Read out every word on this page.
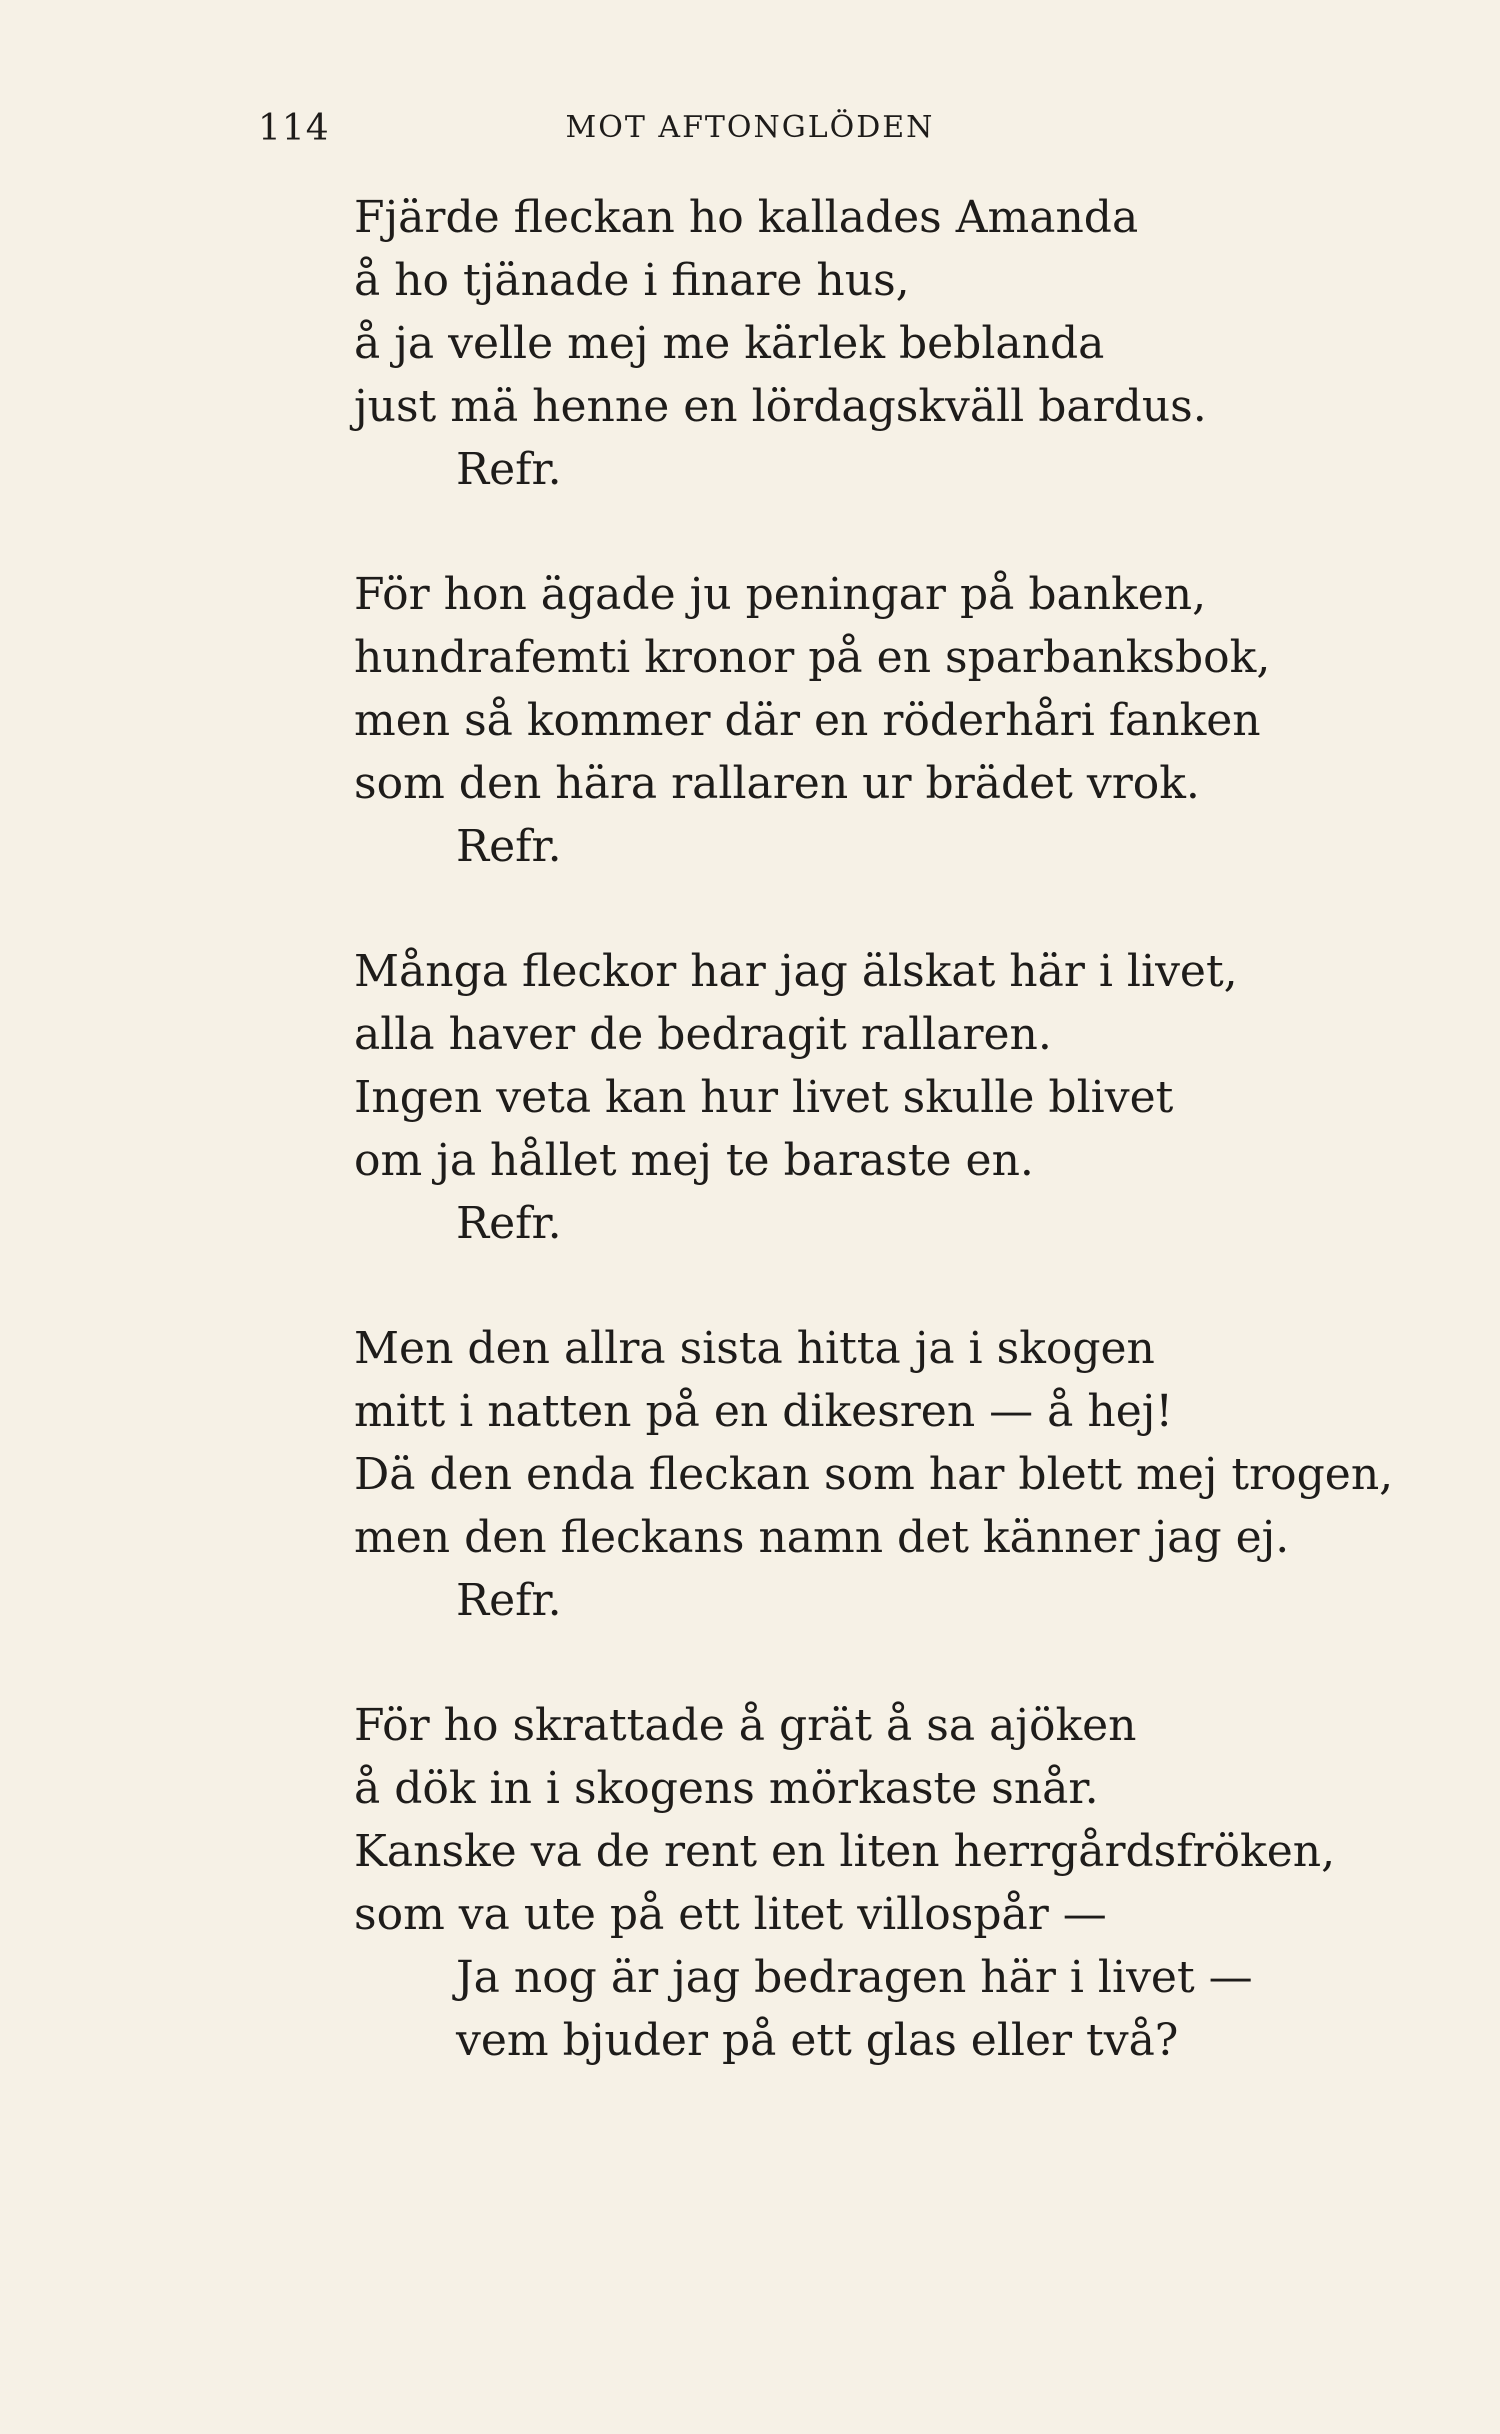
114	MOT AFTONGLÖDEN
Fjärde fleckan ho kallades Amanda
å ho tjänade i finare hus,
å ja velle mej me kärlek beblanda
just mä henne en lördagskväll bardus.
Refr.
För hon ägade ju peningar på banken,
hundrafemti kronor på en sparbanksbok,
men så kommer där en röderhåri fanken
som den hära rallaren ur brädet vrok.
Refr.
Många fleckor har jag älskat här i livet,
alla haver de bedragit rallaren.
Ingen veta kan hur livet skulle blivet
om ja hållet mej te baraste en.
Refr.
Men den allra sista hitta ja i skogen
mitt i natten på en dikesren — å hej!
Dä den enda fleckan som har blett mej trogen,
men den fleckans namn det känner jag ej.
Refr.
För ho skrattade å grät å sa ajöken
å dök in i skogens mörkaste snår.
Kanske va de rent en liten herrgårdsfröken,
som va ute på ett litet villospår —
Ja nog är jag bedragen här i livet —
vem bjuder på ett glas eller två?
